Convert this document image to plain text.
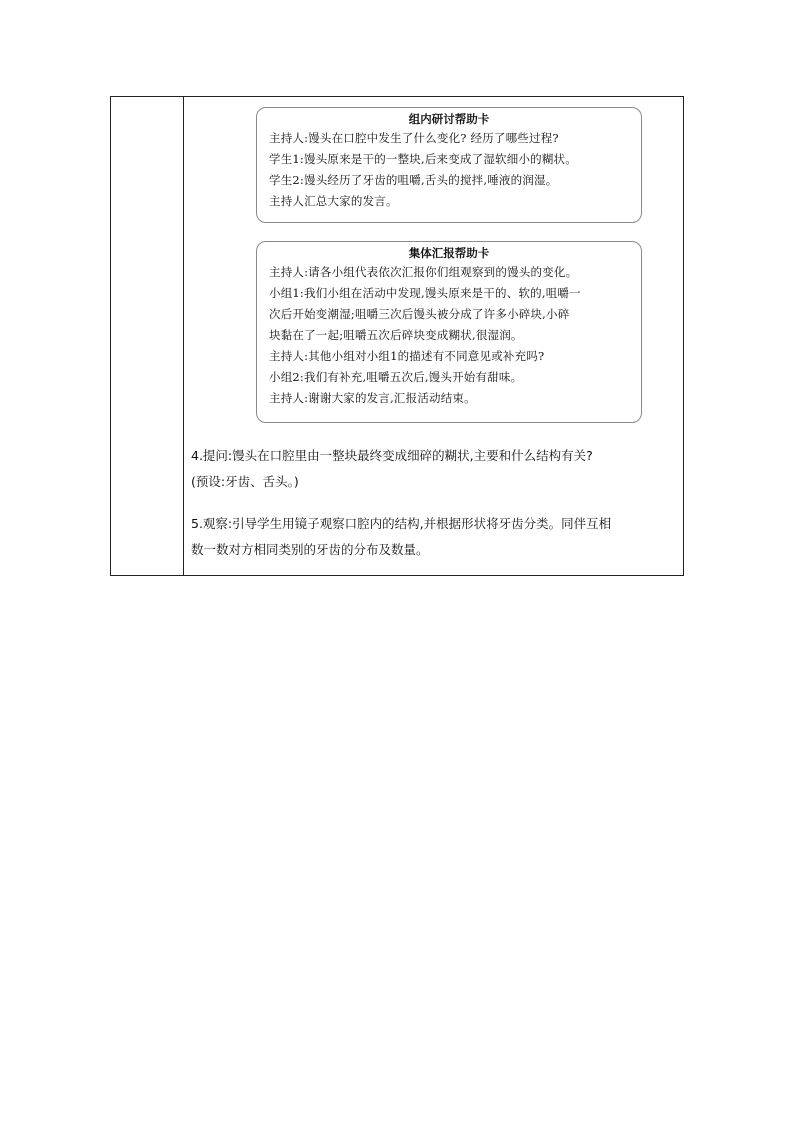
组内研讨帮助卡
主持人:馒头在口腔中发生了什么变化? 经历了哪些过程?
学生1:馒头原来是干的一整块,后来变成了湿软细小的糊状。
学生2:馒头经历了牙齿的咀嚼,舌头的搅拌,唾液的润湿。
主持人汇总大家的发言。
集体汇报帮助卡
主持人:请各小组代表依次汇报你们组观察到的馒头的变化。
小组1:我们小组在活动中发现,馒头原来是干的、软的,咀嚼一
次后开始变潮湿;咀嚼三次后馒头被分成了许多小碎块,小碎
块黏在了一起;咀嚼五次后碎块变成糊状,很湿润。
主持人:其他小组对小组1的描述有不同意见或补充吗?
小组2:我们有补充,咀嚼五次后,馒头开始有甜味。
主持人:谢谢大家的发言,汇报活动结束。
4.提问:馒头在口腔里由一整块最终变成细碎的糊状,主要和什么结构有关?
(预设:牙齿、舌头。)
5.观察:引导学生用镜子观察口腔内的结构,并根据形状将牙齿分类。同伴互相
数一数对方相同类别的牙齿的分布及数量。
